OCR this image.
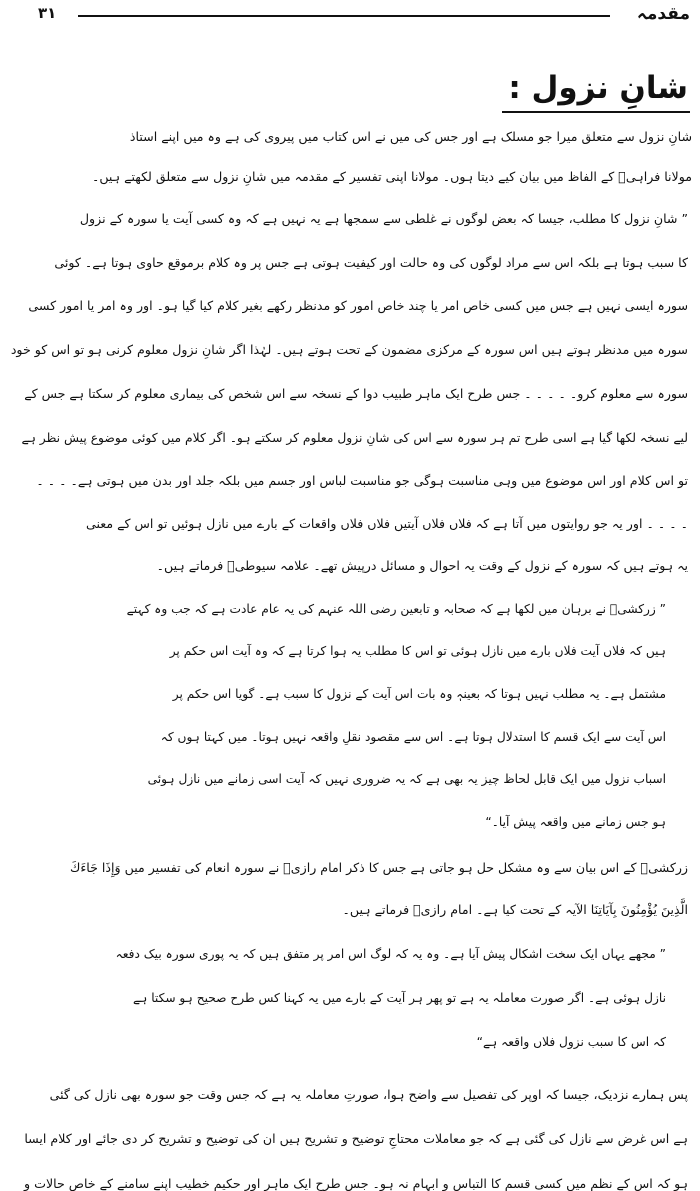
۳۱	مقدمہ
شانِ نزول :
شانِ نزول سے متعلق میرا جو مسلک ہے اور جس کی میں نے اس کتاب میں پیروی کی ہے وہ میں اپنے استاذ
مولانا فراہیؒ کے الفاظ میں بیان کیے دیتا ہوں۔ مولانا اپنی تفسیر کے مقدمہ میں شانِ نزول سے متعلق لکھتے ہیں۔
” شانِ نزول کا مطلب، جیسا کہ بعض لوگوں نے غلطی سے سمجھا ہے یہ نہیں ہے کہ وہ کسی آیت یا سورہ کے نزول
کا سبب ہوتا ہے بلکہ اس سے مراد لوگوں کی وہ حالت اور کیفیت ہوتی ہے جس پر وہ کلام برموقع حاوی ہوتا ہے۔ کوئی
سورہ ایسی نہیں ہے جس میں کسی خاص امر یا چند خاص امور کو مدنظر رکھے بغیر کلام کیا گیا ہو۔ اور وہ امر یا امور کسی
سورہ میں مدنظر ہوتے ہیں اس سورہ کے مرکزی مضمون کے تحت ہوتے ہیں۔ لہٰذا اگر شانِ نزول معلوم کرنی ہو تو اس کو خود
سورہ سے معلوم کرو۔ ۔ ۔ ۔ ۔ جس طرح ایک ماہر طبیب دوا کے نسخہ سے اس شخص کی بیماری معلوم کر سکتا ہے جس کے
لیے نسخہ لکھا گیا ہے اسی طرح تم ہر سورہ سے اس کی شانِ نزول معلوم کر سکتے ہو۔ اگر کلام میں کوئی موضوع پیش نظر ہے
تو اس کلام اور اس موضوع میں وہی مناسبت ہوگی جو مناسبت لباس اور جسم میں بلکہ جلد اور بدن میں ہوتی ہے۔ ۔ ۔ ۔
۔ ۔ ۔ ۔ اور یہ جو روایتوں میں آتا ہے کہ فلاں فلاں آیتیں فلاں فلاں واقعات کے بارے میں نازل ہوئیں تو اس کے معنی
یہ ہوتے ہیں کہ سورہ کے نزول کے وقت یہ احوال و مسائل درپیش تھے۔ علامہ سیوطیؒ فرماتے ہیں۔
” زرکشیؒ نے برہان میں لکھا ہے کہ صحابہ و تابعین رضی اللہ عنہم کی یہ عام عادت ہے کہ جب وہ کہتے
ہیں کہ فلاں آیت فلاں بارے میں نازل ہوئی تو اس کا مطلب یہ ہوا کرتا ہے کہ وہ آیت اس حکم پر
مشتمل ہے۔ یہ مطلب نہیں ہوتا کہ بعینہٖ وہ بات اس آیت کے نزول کا سبب ہے۔ گویا اس حکم پر
اس آیت سے ایک قسم کا استدلال ہوتا ہے۔ اس سے مقصود نقلِ واقعہ نہیں ہوتا۔ میں کہتا ہوں کہ
اسباب نزول میں ایک قابل لحاظ چیز یہ بھی ہے کہ یہ ضروری نہیں کہ آیت اسی زمانے میں نازل ہوئی
ہو جس زمانے میں واقعہ پیش آیا۔“
زرکشیؒ کے اس بیان سے وہ مشکل حل ہو جاتی ہے جس کا ذکر امام رازیؒ نے سورہ انعام کی تفسیر میں وَإِذَا جَاءَكَ
الَّذِينَ يُؤْمِنُونَ بِآيَاتِنَا الآیہ کے تحت کیا ہے۔ امام رازیؒ فرماتے ہیں۔
” مجھے یہاں ایک سخت اشکال پیش آیا ہے۔ وہ یہ کہ لوگ اس امر پر متفق ہیں کہ یہ پوری سورہ بیک دفعہ
نازل ہوئی ہے۔ اگر صورت معاملہ یہ ہے تو پھر ہر آیت کے بارے میں یہ کہنا کس طرح صحیح ہو سکتا ہے
کہ اس کا سبب نزول فلاں واقعہ ہے“
پس ہمارے نزدیک، جیسا کہ اوپر کی تفصیل سے واضح ہوا، صورتِ معاملہ یہ ہے کہ جس وقت جو سورہ بھی نازل کی گئی
ہے اس غرض سے نازل کی گئی ہے کہ جو معاملات محتاجِ توضیح و تشریح ہیں ان کی توضیح و تشریح کر دی جائے اور کلام ایسا
ہو کہ اس کے نظم میں کسی قسم کا التباس و ابہام نہ ہو۔ جس طرح ایک ماہر اور حکیم خطیب اپنے سامنے کے خاص حالات و
